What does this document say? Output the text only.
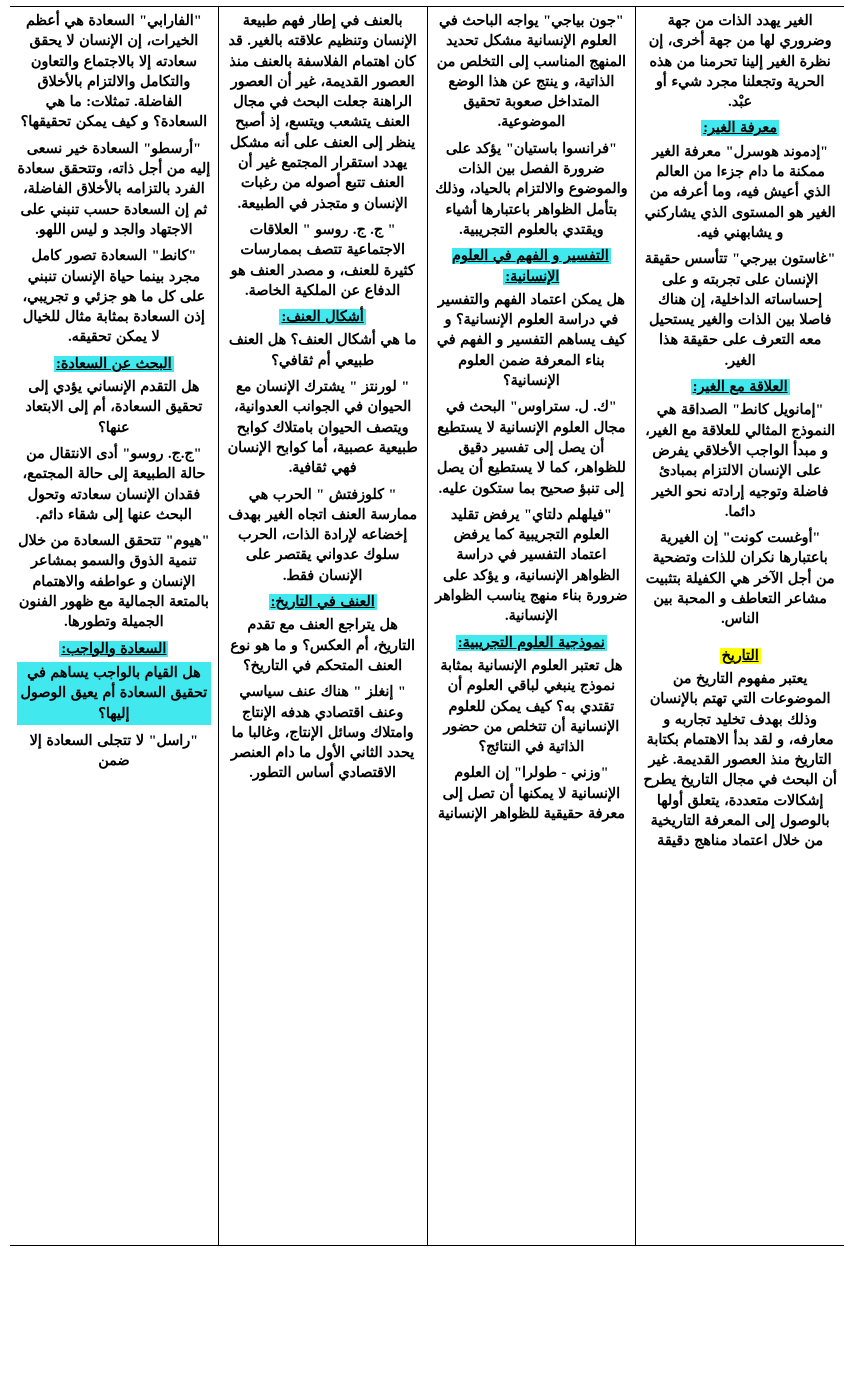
الغير يهدد الذات من جهة وضروري لها من جهة أخرى، إن نظرة الغير إلينا تحرمنا من هذه الحرية وتجعلنا مجرد شيء أو عبْد.

معرفة الغير:

"إدموند هوسرل" معرفة الغير ممكنة ما دام جزءا من العالم الذي أعيش فيه، وما أعرفه من الغير هو المستوى الذي يشاركني و يشابهني فيه.

"غاستون بيرجي" تتأسس حقيقة الإنسان على تجربته و على إحساساته الداخلية، إن هناك فاصلا بين الذات والغير يستحيل معه التعرف على حقيقة هذا الغير.

العلاقة مع الغير:

"إمانويل كانط" الصداقة هي النموذج المثالي للعلاقة مع الغير، و مبدأ الواجب الأخلاقي يفرض على الإنسان الالتزام بمبادئ فاضلة وتوجيه إرادته نحو الخير دائما.

"أوغست كونت" إن الغيرية باعتبارها نكران للذات وتضحية من أجل الآخر هي الكفيلة بتثبيت مشاعر التعاطف و المحبة بين الناس.

التاريخ

يعتبر مفهوم التاريخ من الموضوعات التي تهتم بالإنسان وذلك بهدف تخليد تجاربه و معارفه، و لقد بدأ الاهتمام بكتابة التاريخ منذ العصور القديمة. غير أن البحث في مجال التاريخ يطرح إشكالات متعددة، يتعلق أولها بالوصول إلى المعرفة التاريخية من خلال اعتماد مناهج دقيقة

"جون بياجي" يواجه الباحث في العلوم الإنسانية مشكل تحديد المنهج المناسب إلى التخلص من الذاتية، و ينتج عن هذا الوضع المتداخل صعوبة تحقيق الموضوعية.

"فرانسوا باستيان" يؤكد على ضرورة الفصل بين الذات والموضوع والالتزام بالحياد، وذلك بتأمل الظواهر باعتبارها أشياء ويقتدي بالعلوم التجريبية.

التفسير و الفهم في العلوم الإنسانية:

هل يمكن اعتماد الفهم والتفسير في دراسة العلوم الإنسانية؟ و كيف يساهم التفسير و الفهم في بناء المعرفة ضمن العلوم الإنسانية؟

"ك. ل. ستراوس" البحث في مجال العلوم الإنسانية لا يستطيع أن يصل إلى تفسير دقيق للظواهر، كما لا يستطيع أن يصل إلى تنبؤ صحيح بما ستكون عليه.

"فيلهلم دلتاي" يرفض تقليد العلوم التجريبية كما يرفض اعتماد التفسير في دراسة الظواهر الإنسانية، و يؤكد على ضرورة بناء منهج يناسب الظواهر الإنسانية.

نموذجية العلوم التجريبية:

هل تعتبر العلوم الإنسانية بمثابة نموذج ينبغي لباقي العلوم أن تقتدي به؟ كيف يمكن للعلوم الإنسانية أن تتخلص من حضور الذاتية في النتائج؟

"وزني - طولرا" إن العلوم الإنسانية لا يمكنها أن تصل إلى معرفة حقيقية للظواهر الإنسانية

بالعنف في إطار فهم طبيعة الإنسان وتنظيم علاقته بالغير. قد كان اهتمام الفلاسفة بالعنف منذ العصور القديمة، غير أن العصور الراهنة جعلت البحث في مجال العنف يتشعب ويتسع، إذ أصبح ينظر إلى العنف على أنه مشكل يهدد استقرار المجتمع غير أن العنف تتبع أصوله من رغبات الإنسان و متجذر في الطبيعة.

" ج. ج. روسو " العلاقات الاجتماعية تتصف بممارسات كثيرة للعنف، و مصدر العنف هو الدفاع عن الملكية الخاصة.

أشكال العنف:

ما هي أشكال العنف؟ هل العنف طبيعي أم ثقافي؟

" لورنتز " يشترك الإنسان مع الحيوان في الجوانب العدوانية، ويتصف الحيوان بامتلاك كوابح طبيعية عصبية، أما كوابح الإنسان فهي ثقافية.

" كلوزفتش " الحرب هي ممارسة العنف اتجاه الغير بهدف إخضاعه لإرادة الذات، الحرب سلوك عدواني يقتصر على الإنسان فقط.

العنف في التاريخ:

هل يتراجع العنف مع تقدم التاريخ، أم العكس؟ و ما هو نوع العنف المتحكم في التاريخ؟

" إنغلز " هناك عنف سياسي وعنف اقتصادي هدفه الإنتاج وامتلاك وسائل الإنتاج، وغالبا ما يحدد الثاني الأول ما دام العنصر الاقتصادي أساس التطور.

"الفارابي" السعادة هي أعظم الخيرات، إن الإنسان لا يحقق سعادته إلا بالاجتماع والتعاون والتكامل والالتزام بالأخلاق الفاضلة. تمثلات: ما هي السعادة؟ و كيف يمكن تحقيقها؟

"أرسطو" السعادة خير نسعى إليه من أجل ذاته، وتتحقق سعادة الفرد بالتزامه بالأخلاق الفاضلة، ثم إن السعادة حسب تنبني على الاجتهاد والجد و ليس اللهو.

"كانط" السعادة تصور كامل مجرد بينما حياة الإنسان تنبني على كل ما هو جزئي و تجريبي، إذن السعادة بمثابة مثال للخيال لا يمكن تحقيقه.

البحث عن السعادة:

هل التقدم الإنساني يؤدي إلى تحقيق السعادة، أم إلى الابتعاد عنها؟

"ج.ج. روسو" أدى الانتقال من حالة الطبيعة إلى حالة المجتمع، فقدان الإنسان سعادته وتحول البحث عنها إلى شقاء دائم.

"هيوم" تتحقق السعادة من خلال تنمية الذوق والسمو بمشاعر الإنسان و عواطفه والاهتمام بالمتعة الجمالية مع ظهور الفنون الجميلة وتطورها.

السعادة والواجب:

هل القيام بالواجب يساهم في تحقيق السعادة أم يعيق الوصول إليها؟

"راسل" لا تتجلى السعادة إلا ضمن
